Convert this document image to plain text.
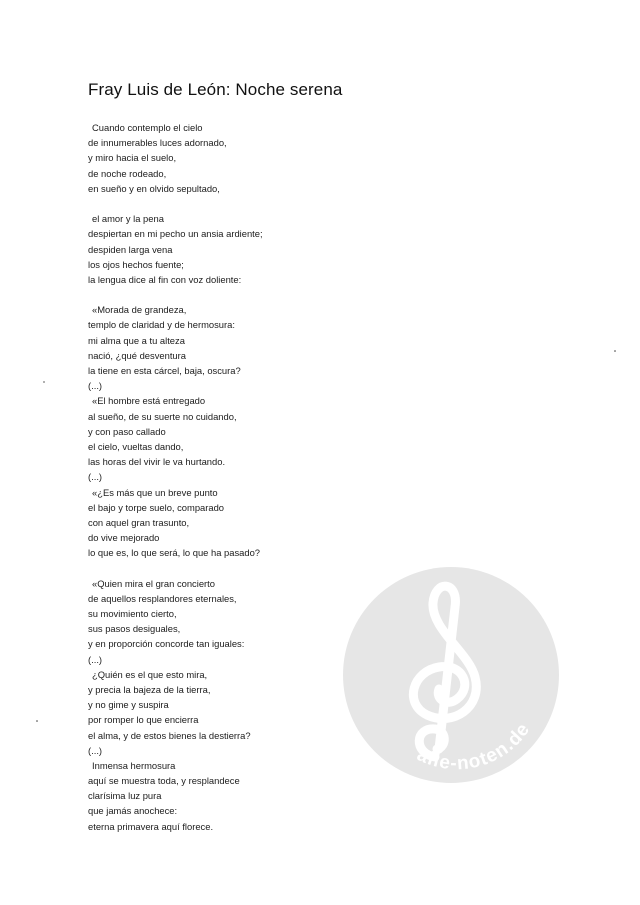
Fray Luis de León: Noche serena
Cuando contemplo el cielo
de innumerables luces adornado,
y miro hacia el suelo,
de noche rodeado,
en sueño y en olvido sepultado,
el amor y la pena
despiertan en mi pecho un ansia ardiente;
despiden larga vena
los ojos hechos fuente;
la lengua dice al fin con voz doliente:
«Morada de grandeza,
templo de claridad y de hermosura:
mi alma que a tu alteza
nació, ¿qué desventura
la tiene en esta cárcel, baja, oscura?
(...)
«El hombre está entregado
al sueño, de su suerte no cuidando,
y con paso callado
el cielo, vueltas dando,
las horas del vivir le va hurtando.
(...)
«¿Es más que un breve punto
el bajo y torpe suelo, comparado
con aquel gran trasunto,
do vive mejorado
lo que es, lo que será, lo que ha pasado?
«Quien mira el gran concierto
de aquellos resplandores eternales,
su movimiento cierto,
sus pasos desiguales,
y en proporción concorde tan iguales:
(...)
¿Quién es el que esto mira,
y precia la bajeza de la tierra,
y no gime y suspira
por romper lo que encierra
el alma, y de estos bienes la destierra?
(...)
Inmensa hermosura
aquí se muestra toda, y resplandece
clarísima luz pura
que jamás anochece:
eterna primavera aquí florece.
alle-noten.de
